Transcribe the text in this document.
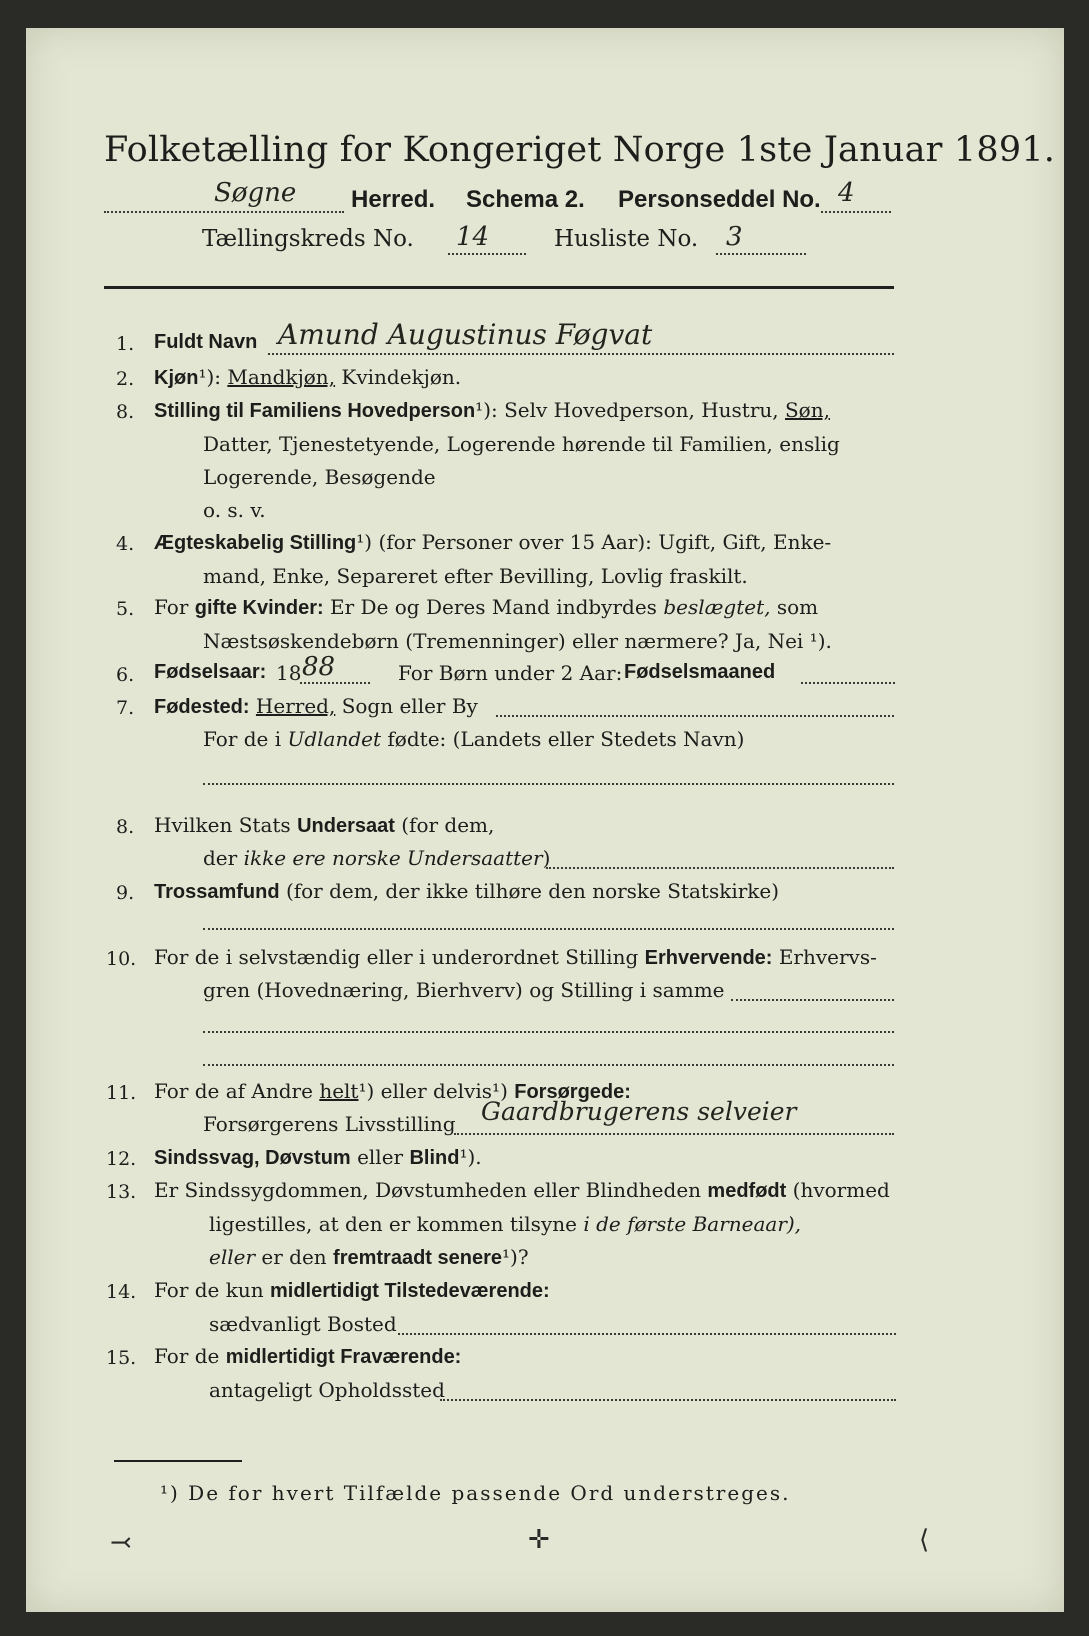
Folketælling for Kongeriget Norge 1ste Januar 1891.
Søgne Herred. Schema 2. Personseddel No. 4
Tællingskreds No. 14	Husliste No. 3
1. Fuldt Navn Amund Augustinus Føgvat
2. Kjøn¹): Mandkjøn, Kvindekjøn.
8. Stilling til Familiens Hovedperson¹): Selv Hovedperson, Hustru, Søn,
Datter, Tjenestetyende, Logerende hørende til Familien, enslig
Logerende, Besøgende
o. s. v.
4. Ægteskabelig Stilling¹) (for Personer over 15 Aar): Ugift, Gift, Enke-
mand, Enke, Separeret efter Bevilling, Lovlig fraskilt.
5. For gifte Kvinder: Er De og Deres Mand indbyrdes beslægtet, som
Næstsøskendebørn (Tremenninger) eller nærmere? Ja, Nei ¹).
6. Fødselsaar: 18 88	For Børn under 2 Aar: Fødselsmaaned
7. Fødested: Herred, Sogn eller By
For de i Udlandet fødte: (Landets eller Stedets Navn)
8. Hvilken Stats Undersaat (for dem,
der ikke ere norske Undersaatter)
9. Trossamfund (for dem, der ikke tilhøre den norske Statskirke)
10. For de i selvstændig eller i underordnet Stilling Erhvervende: Erhvervs-
gren (Hovednæring, Bierhverv) og Stilling i samme
11. For de af Andre helt¹) eller delvis¹) Forsørgede:
Forsørgerens Livsstilling Gaardbrugerens selveier
12. Sindssvag, Døvstum eller Blind¹).
13. Er Sindssygdommen, Døvstumheden eller Blindheden medfødt (hvormed
ligestilles, at den er kommen tilsyne i de første Barneaar),
eller er den fremtraadt senere¹)?
14. For de kun midlertidigt Tilstedeværende:
sædvanligt Bosted
15. For de midlertidigt Fraværende:
antageligt Opholdssted
¹) De for hvert Tilfælde passende Ord understreges.
⤙	✛	⟨
